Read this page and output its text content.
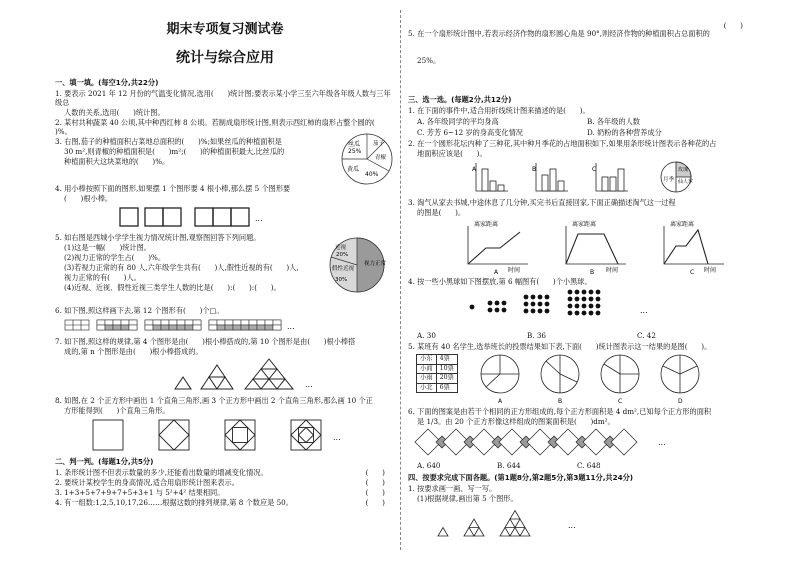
期末专项复习测试卷
统计与综合应用
一、填一填。(每空1分,共22分)
1. 要表示 2021 年 12 月份的气温变化情况,选用(      )统计图;要表示某小学三至六年级各年级人数与三年级总
人数的关系,选用(      )统计图。
2. 某村共种蔬菜 40 公顷,其中种西红柿 8 公顷。若制成扇形统计图,则表示西红柿的扇形占整个圆的(      )%。
3. 右图,茄子的种植面积占菜地总面积的(      )%;如果丝瓜的种植面积是
30 m²,则青椒的种植面积是(      )m²;(      )的种植面积最大,比丝瓜的
种植面积大这块菜地的(      )%。
丝瓜
25%
茄子
青椒
黄瓜
40%
4. 用小棒按照下面的图形,如果摆 1 个图形要 4 根小棒,那么摆 5 个图形要
(      )根小棒。
...
5. 如右图是西城小学学生视力情况统计图,观察图回答下列问题。
(1)这是一幅(      )统计图。
(2)视力正常的学生占(      )%。
(3)若视力正常的有 80 人,六年级学生共有(      )人,假性近视的有(      )人,
视力正常的有(      )人。
(4)近视、近视、假性近视三类学生人数的比是(      ):(      ):(      )。
近视
20%
视力正常
假性近视
30%
6. 如下图,照这样画下去,第 12 个图形有(      )个□。
...
7. 如下图,照这样的规律,第 4 个图形是由(      )根小棒搭成的,第 10 个图形是由(      )根小棒搭
成的,第 n 个图形是由(      )根小棒搭成的。
...
8. 如图,在 2 个正方形中画出 1 个直角三角形,画 3 个正方形中画出 2 个直角三角形,那么画 10 个正
方形能得到(      )个直角三角形。
...
二、判一判。(每题1分,共5分)
1. 条形统计图不但表示数量的多少,还能看出数量的增减变化情况。	(      )
2. 要统计某校学生的身高情况,适合用扇形统计图来表示。	(      )
3. 1+3+5+7+9+7+5+3+1 与 5²+4² 结果相同。	(      )
4. 有一组数:1,2,5,10,17,26……根据这数的排列规律,第 8 个数应是 50。	(      )

5. 在一个扇形统计图中,若表示经济作物的扇形圆心角是 90°,则经济作物的种植面积占总面积的

25%。

(      )

三、选一选。(每题2分,共12分)
1. 在下面的事件中,适合用折线统计图来描述的是(      )。
A. 各年级同学的平均身高	B. 各年级的人数
C. 芳芳 6~12 岁的身高变化情况	D. 奶粉的各种营养成分
2. 在一个圆形花坛内种了三种花,其中种月季花的占地面积如下,如果用条形统计图表示各种花的占
地面积应该是(      )。
A	B	C
月季
玫瑰
仙人掌
3. 淘气从家去书城,中途休息了几分钟,买完书后直接回家,下面正确描述淘气这一过程
的图是(      )。
离家距离
时间
A
离家距离
时间
B
离家距离
时间
C
4. 按一些小黑球如下图摆放,第 6 幅图有(      )个小黑球。
...
A. 30	B. 36	C. 42
5. 某班有 40 名学生,选举班长的投票结果如下表,下面(      )统计图表示这一结果的是图(      )。
小东	4票
小商	10票
小雨	20票
小北	6票
A	B	C	D
6. 下面的图案是由若干个相同的正方形组成的,每个正方形面积是 4 dm²,已知每个正方形的面积
是 1/3。由 20 个正方形像这样组成的图案面积是(      )dm²。
...
A. 640	B. 644	C. 648
四、按要求完成下面各题。(第1题8分,第2题5分,第3题11分,共24分)
1. 按要求画一画、写一写。
(1)根据规律,画出第 5 个图形。
...
